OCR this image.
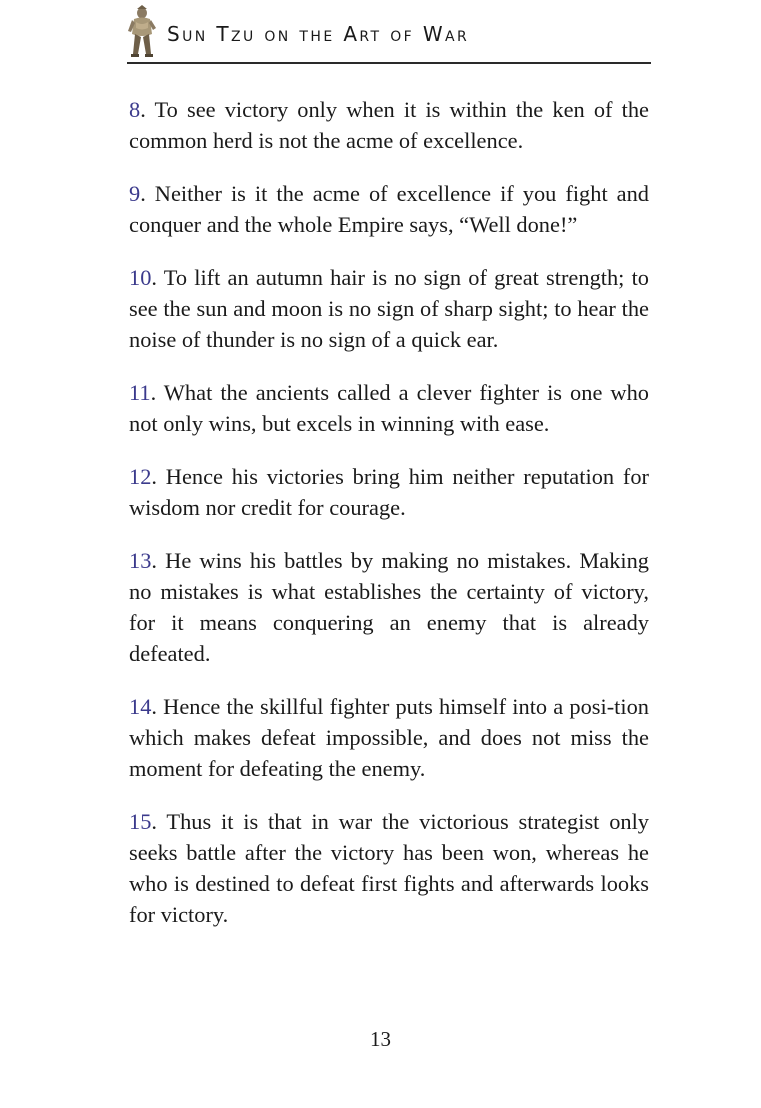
Sun Tzu on the Art of War

8. To see victory only when it is within the ken of the common herd is not the acme of excellence.

9. Neither is it the acme of excellence if you fight and conquer and the whole Empire says, “Well done!”

10. To lift an autumn hair is no sign of great strength; to see the sun and moon is no sign of sharp sight; to hear the noise of thunder is no sign of a quick ear.

11. What the ancients called a clever fighter is one who not only wins, but excels in winning with ease.

12. Hence his victories bring him neither reputation for wisdom nor credit for courage.

13. He wins his battles by making no mistakes. Making no mistakes is what establishes the certainty of victory, for it means conquering an enemy that is already defeated.

14. Hence the skillful fighter puts himself into a posi-tion which makes defeat impossible, and does not miss the moment for defeating the enemy.

15. Thus it is that in war the victorious strategist only seeks battle after the victory has been won, whereas he who is destined to defeat first fights and afterwards looks for victory.

13
